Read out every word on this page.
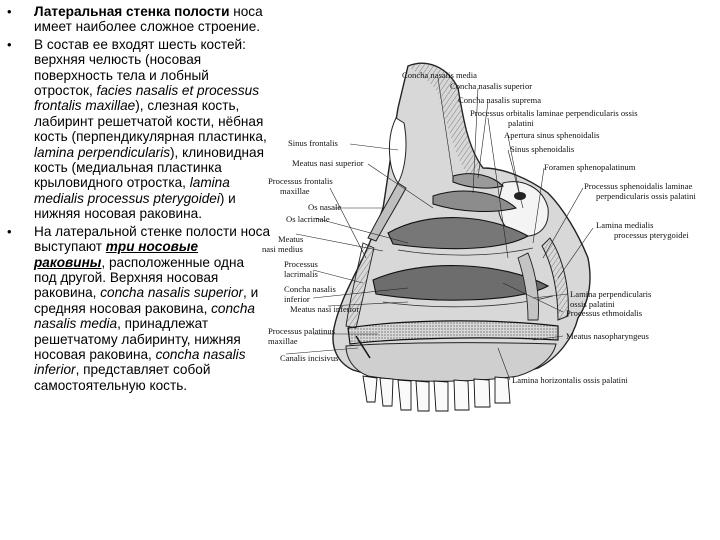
• Латеральная стенка полости носа имеет наиболее сложное строение.
• В состав ее входят шесть костей: верхняя челюсть (носовая поверхность тела и лобный отросток, facies nasalis et processus frontalis maxillae), слезная кость, лабиринт решетчатой кости, нёбная кость (перпендикулярная пластинка, lamina perpendicularis), клиновидная кость (медиальная пластинка крыловидного отростка, lamina medialis processus pterygoidei) и нижняя носовая раковина.
• На латеральной стенке полости носа выступают три носовые раковины, расположенные одна под другой. Верхняя носовая раковина, concha nasalis superior, и средняя носовая раковина, concha nasalis media, принадлежат решетчатому лабиринту, нижняя носовая раковина, concha nasalis inferior, представляет собой самостоятельную кость.
Concha nasalis media
Concha nasalis superior
Concha nasalis suprema
Processus orbitalis laminae perpendicularis ossis
palatini
Apertura sinus sphenoidalis
Sinus frontalis
Sinus sphenoidalis
Meatus nasi superior	Foramen sphenopalatinum
Processus frontalis
maxillae	Processus sphenoidalis laminae
perpendicularis ossis palatini
Os nasale
Os lacrimale
Lamina medialis
processus pterygoidei
Meatus
nasi medius
Processus
lacrimalis
Concha nasalis
inferior	Lamina perpendicularis
ossis palatini
Meatus nasi inferior	Processus ethmoidalis
Processus palatinus
maxillae	Meatus nasopharyngeus
Canalis incisivus
Lamina horizontalis ossis palatini
